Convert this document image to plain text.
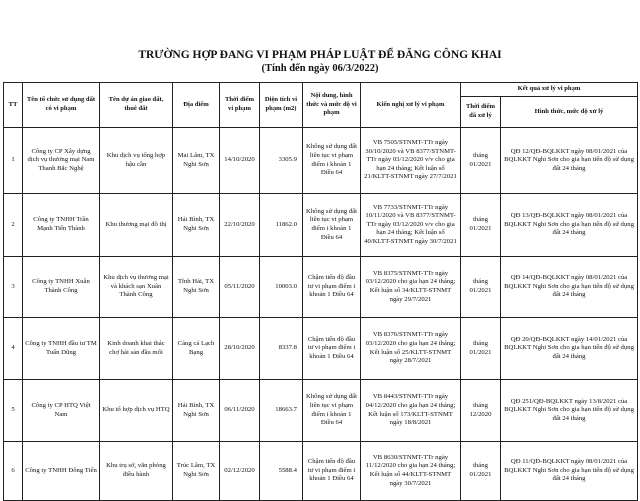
TRƯỜNG HỢP ĐANG VI PHẠM PHÁP LUẬT ĐỂ ĐĂNG CÔNG KHAI
(Tính đến ngày 06/3/2022)
TT	Tên tổ chức sử dụng đất có vi phạm	Tên dự án giao đất, thuê đất	Địa điểm	Thời điểm vi phạm	Diện tích vi phạm (m2)	Nội dung, hình thức và mức độ vi phạm	Kiến nghị xử lý vi phạm	Kết quả xử lý vi phạm	
								Thời điểm đã xử lý	Hình thức, mức độ xử lý
1	Công ty CP Xây dựng dịch vụ thương mại Nam Thanh Bắc Nghệ	Khu dịch vụ tổng hợp hậu cần	Mai Lâm, TX Nghi Sơn	14/10/2020	3305.9	Không sử dụng đất liên tục vi phạm điểm i khoản 1 Điều 64	VB 7505/STNMT-TTr ngày 30/10/2020 và VB 8377/STNMT-TTr ngày 03/12/2020 v/v cho gia hạn 24 tháng; Kết luận số 21/KLTT-STNMT ngày 27/7/2021	tháng 01/2021	QĐ 12/QĐ-BQLKKT ngày 08/01/2021 của BQLKKT Nghi Sơn cho gia hạn tiến độ sử dụng đất 24 tháng
2	Công ty TNHH Trần Mạnh Tiến Thành	Khu thương mại đô thị	Hải Bình, TX Nghi Sơn	22/10/2020	11862.0	Không sử dụng đất liên tục vi phạm điểm i khoản 1 Điều 64	VB 7733/STNMT-TTr ngày 10/11/2020 và VB 8377/STNMT-TTr ngày 03/12/2020 v/v cho gia hạn 24 tháng; Kết luận số 40/KLTT-STNMT ngày 30/7/2021	tháng 01/2021	QĐ 13/QĐ-BQLKKT ngày 08/01/2021 của BQLKKT Nghi Sơn cho gia hạn tiến độ sử dụng đất 24 tháng
3	Công ty TNHH Xuân Thành Công	Khu dịch vụ thương mại và khách sạn Xuân Thành Công	Tĩnh Hải, TX Nghi Sơn	05/11/2020	10003.0	Chậm tiến độ đầu tư vi phạm điểm i khoản 1 Điều 64	VB 8375/STNMT-TTr ngày 03/12/2020 cho gia hạn 24 tháng; Kết luận số 34/KLTT-STNMT ngày 29/7/2021	tháng 01/2021	QĐ 14/QĐ-BQLKKT ngày 08/01/2021 của BQLKKT Nghi Sơn cho gia hạn tiến độ sử dụng đất 24 tháng
4	Công ty TNHH đầu tư TM Tuấn Dũng	Kinh doanh khai thác chợ hải sản đầu mối	Cảng cá Lạch Bạng	28/10/2020	8337.8	Chậm tiến độ đầu tư vi phạm điểm i khoản 1 Điều 64	VB 8376/STNMT-TTr ngày 03/12/2020 cho gia hạn 24 tháng; Kết luận số 25/KLTT-STNMT ngày 28/7/2021	tháng 01/2021	QĐ 20/QĐ-BQLKKT ngày 14/01/2021 của BQLKKT Nghi Sơn cho gia hạn tiến độ sử dụng đất 24 tháng
5	Công ty CP HTQ Việt Nam	Khu tổ hợp dịch vụ HTQ	Hải Bình, TX Nghi Sơn	06/11/2020	18663.7	Không sử dụng đất liên tục vi phạm điểm i khoản 1 Điều 64	VB 8443/STNMT-TTr ngày 04/12/2020 cho gia hạn 24 tháng; Kết luận số 173/KLTT-STNMT ngày 18/8/2021	tháng 12/2020	QĐ 251/QĐ-BQLKKT ngày 13/8/2021 của BQLKKT Nghi Sơn cho gia hạn tiến độ sử dụng đất 24 tháng
6	Công ty TNHH Đông Tiến	Khu trụ sở, văn phòng điều hành	Trúc Lâm, TX Nghi Sơn	02/12/2020	5588.4	Chậm tiến độ đầu tư vi phạm điểm i khoản 1 Điều 64	VB 8630/STNMT-TTr ngày 11/12/2020 cho gia hạn 24 tháng; Kết luận số 44/KLTT-STNMT ngày 30/7/2021	tháng 01/2021	QĐ 11/QĐ-BQLKKT ngày 08/01/2021 của BQLKKT Nghi Sơn cho gia hạn tiến độ sử dụng đất 24 tháng
